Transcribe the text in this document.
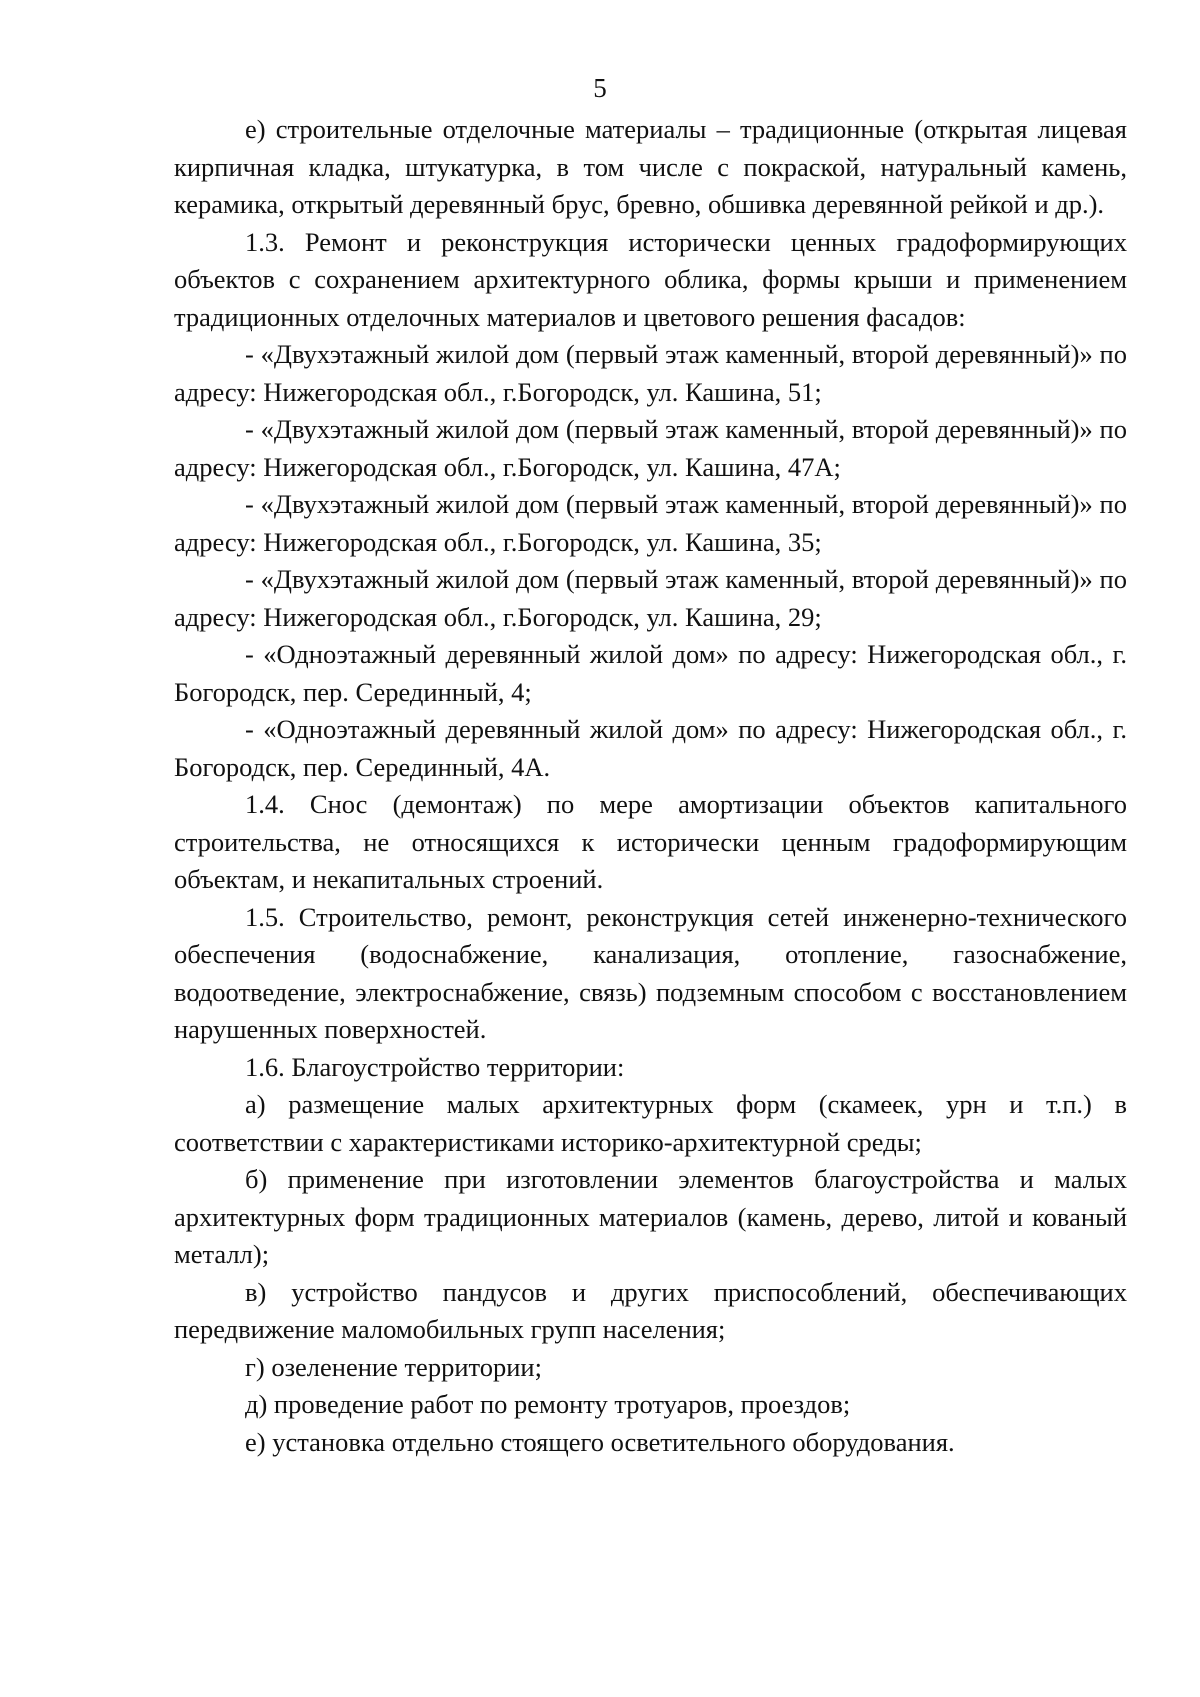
5

е) строительные отделочные материалы – традиционные (открытая лицевая кирпичная кладка, штукатурка, в том числе с покраской, натуральный камень, керамика, открытый деревянный брус, бревно, обшивка деревянной рейкой и др.).

1.3. Ремонт и реконструкция исторически ценных градоформирующих объектов с сохранением архитектурного облика, формы крыши и применением традиционных отделочных материалов и цветового решения фасадов:

- «Двухэтажный жилой дом (первый этаж каменный, второй деревянный)» по адресу: Нижегородская обл., г.Богородск, ул. Кашина, 51;

- «Двухэтажный жилой дом (первый этаж каменный, второй деревянный)» по адресу: Нижегородская обл., г.Богородск, ул. Кашина, 47А;

- «Двухэтажный жилой дом (первый этаж каменный, второй деревянный)» по адресу: Нижегородская обл., г.Богородск, ул. Кашина, 35;

- «Двухэтажный жилой дом (первый этаж каменный, второй деревянный)» по адресу: Нижегородская обл., г.Богородск, ул. Кашина, 29;

- «Одноэтажный деревянный жилой дом» по адресу: Нижегородская обл., г. Богородск, пер. Серединный, 4;

- «Одноэтажный деревянный жилой дом» по адресу: Нижегородская обл., г. Богородск, пер. Серединный, 4А.

1.4. Снос (демонтаж) по мере амортизации объектов капитального строительства, не относящихся к исторически ценным градоформирующим объектам, и некапитальных строений.

1.5. Строительство, ремонт, реконструкция сетей инженерно-технического обеспечения (водоснабжение, канализация, отопление, газоснабжение, водоотведение, электроснабжение, связь) подземным способом с восстановлением нарушенных поверхностей.

1.6. Благоустройство территории:

а) размещение малых архитектурных форм (скамеек, урн и т.п.) в соответствии с характеристиками историко-архитектурной среды;

б) применение при изготовлении элементов благоустройства и малых архитектурных форм традиционных материалов (камень, дерево, литой и кованый металл);

в) устройство пандусов и других приспособлений, обеспечивающих передвижение маломобильных групп населения;

г) озеленение территории;

д) проведение работ по ремонту тротуаров, проездов;

е) установка отдельно стоящего осветительного оборудования.
